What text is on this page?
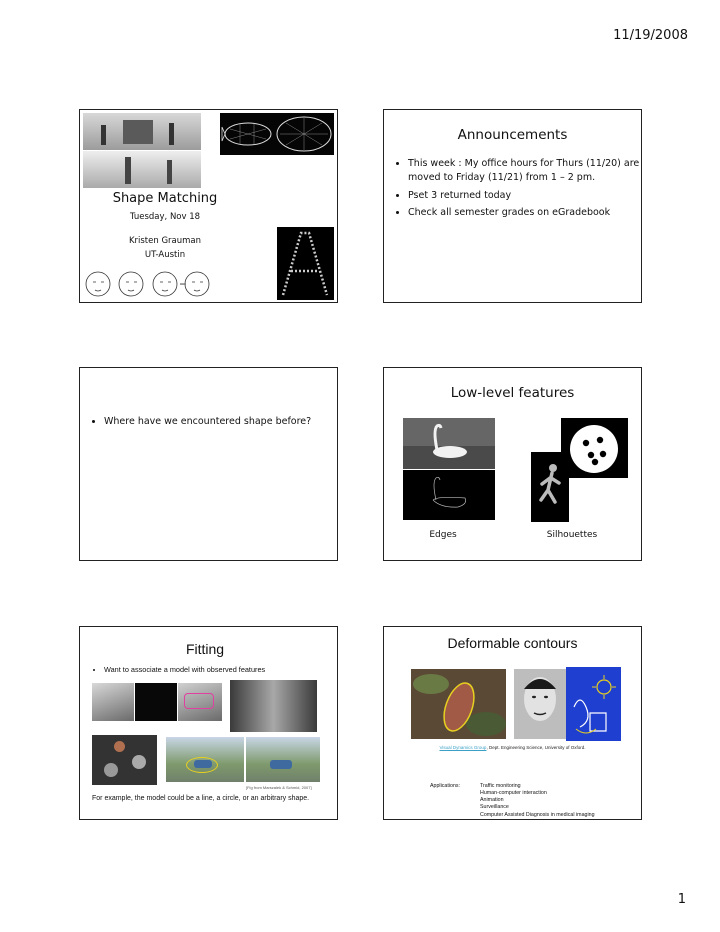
11/19/2008
Shape Matching
Tuesday, Nov 18
Kristen Grauman
UT-Austin
Announcements
• This week : My office hours for Thurs (11/20) are moved to Friday (11/21) from 1 – 2 pm.
• Pset 3 returned today
• Check all semester grades on eGradebook
• Where have we encountered shape before?
Low-level features
Edges	Silhouettes
Fitting
• Want to associate a model with observed features
[Fig from Marszalek & Schmid, 2007]
For example, the model could be a line, a circle, or an arbitrary shape.
Deformable contours
Visual Dynamics Group, Dept. Engineering Science, University of Oxford.
Applications:	Traffic monitoring
Human-computer interaction
Animation
Surveillance
Computer Assisted Diagnosis in medical imaging
1
